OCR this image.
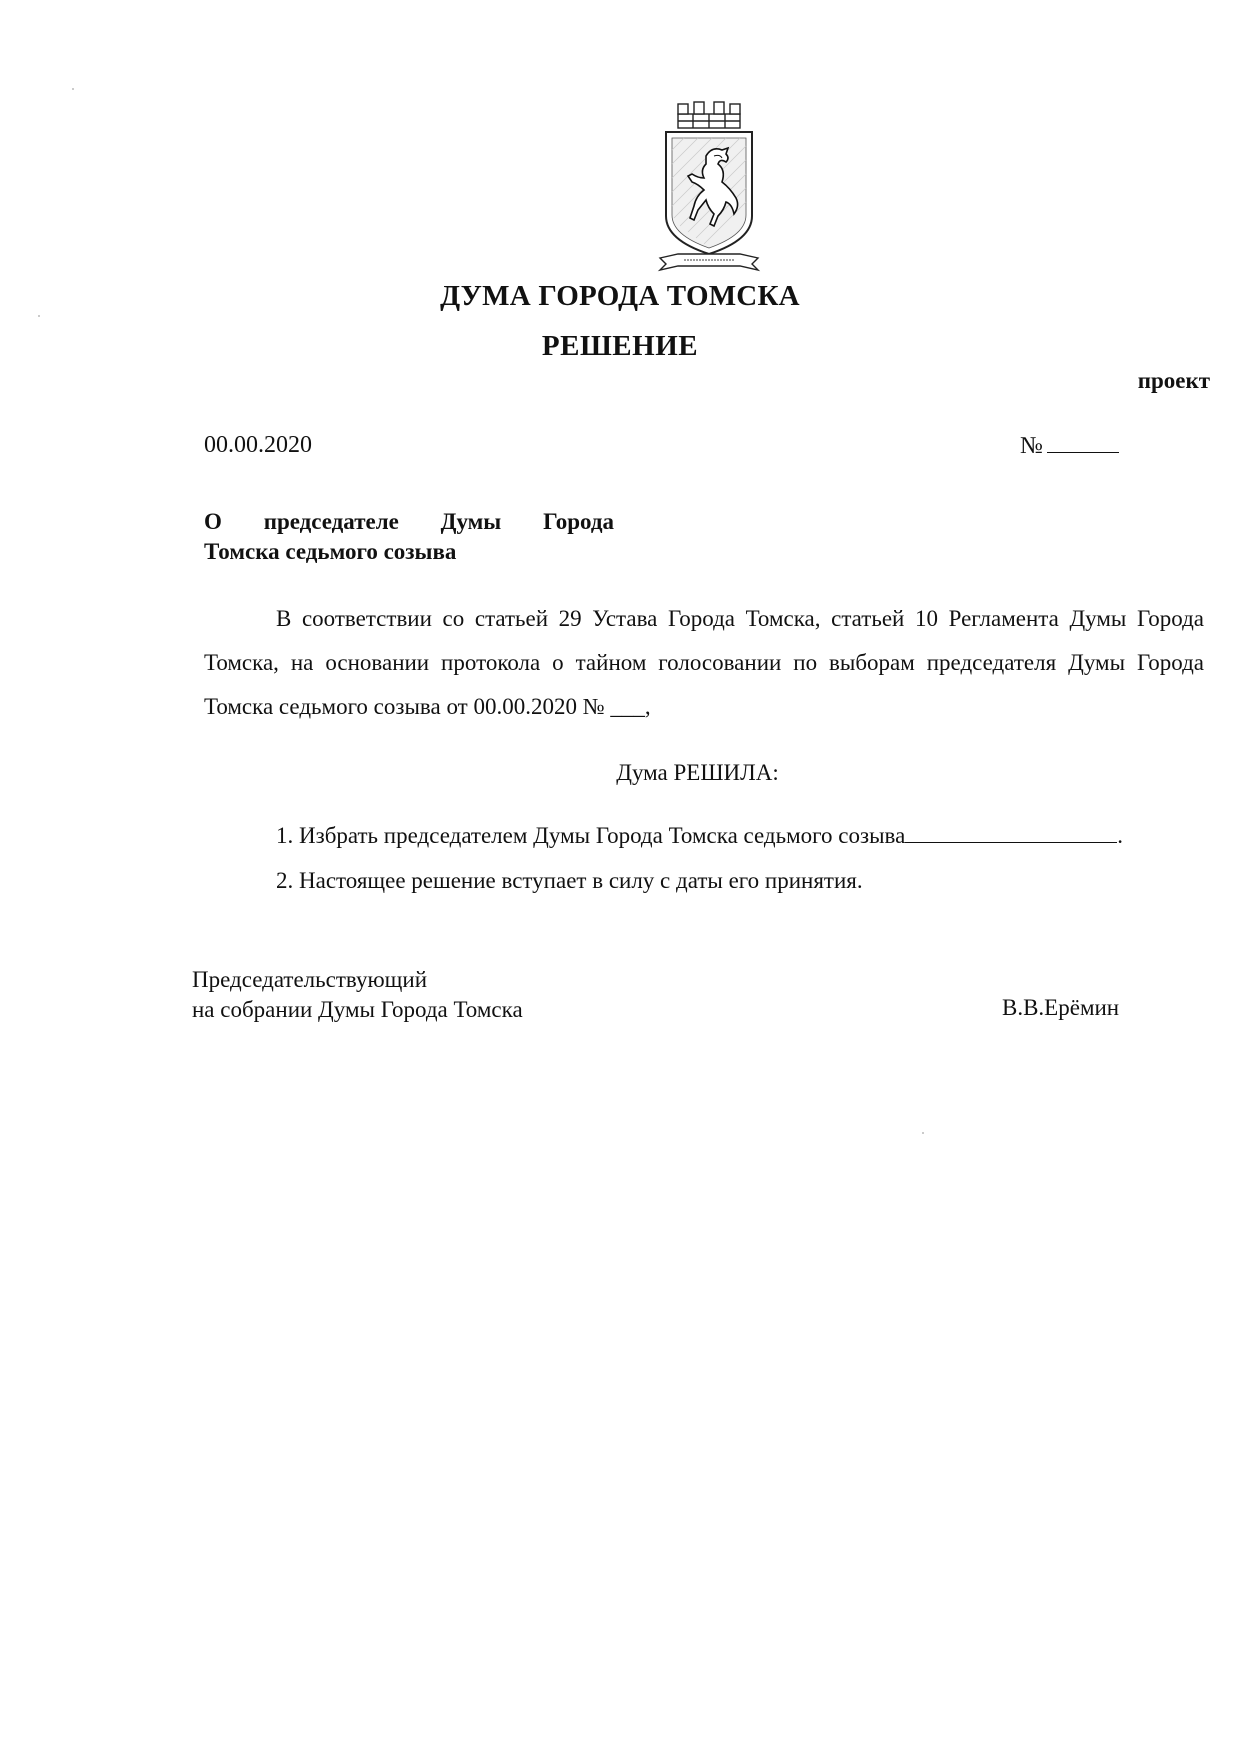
ДУМА ГОРОДА ТОМСКА
РЕШЕНИЕ
проект
00.00.2020	№
О председателе Думы Города
Томска седьмого созыва
В соответствии со статьей 29 Устава Города Томска, статьей 10 Регламента Думы Города Томска, на основании протокола о тайном голосовании по выборам председателя Думы Города Томска седьмого созыва от 00.00.2020 № ___,
Дума РЕШИЛА:
1. Избрать председателем Думы Города Томска седьмого созыва	.
2. Настоящее решение вступает в силу с даты его принятия.
Председательствующий
на собрании Думы Города Томска	В.В.Ерёмин
